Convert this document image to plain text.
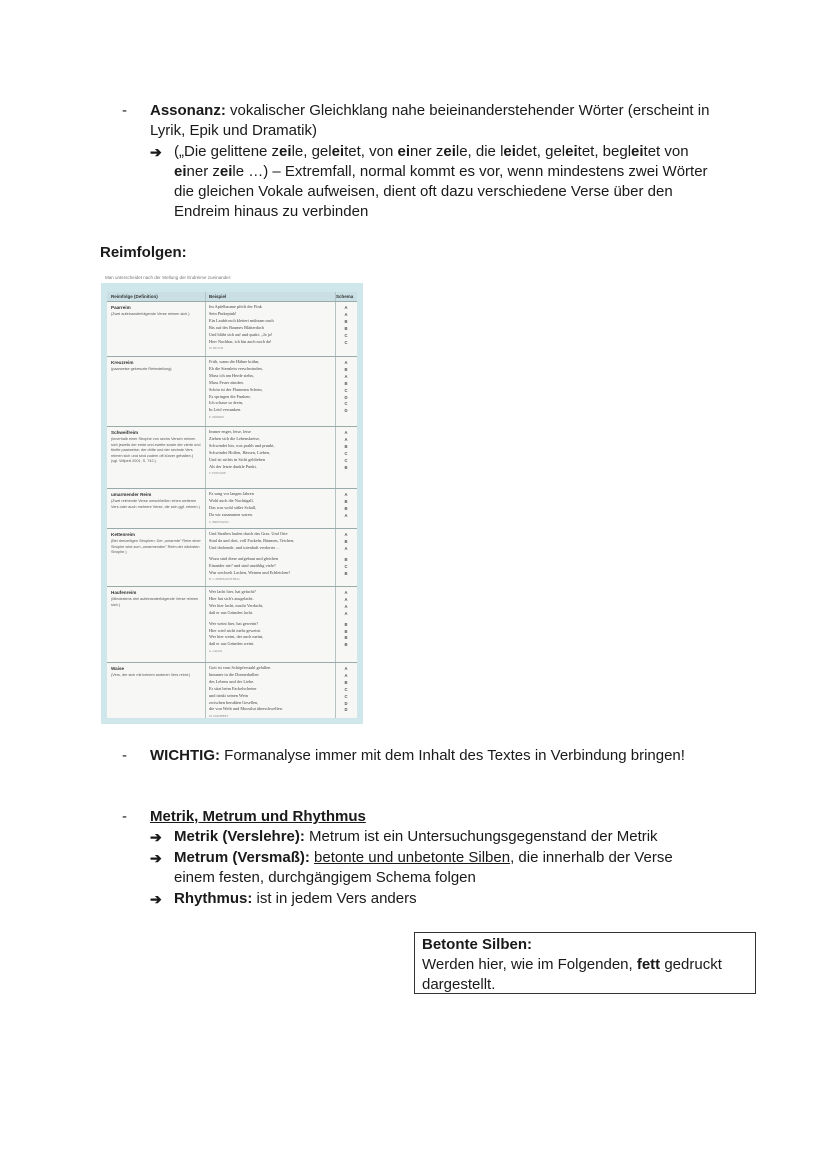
- Assonanz: vokalischer Gleichklang nahe beieinanderstehender Wörter (erscheint in
Lyrik, Epik und Dramatik)
➔ („Die gelittene zeile, geleitet, von einer zeile, die leidet, geleitet, begleitet von
einer zeile …) – Extremfall, normal kommt es vor, wenn mindestens zwei Wörter
die gleichen Vokale aufweisen, dient oft dazu verschiedene Verse über den
Endreim hinaus zu verbinden
Reimfolgen:
Man unterscheidet nach der Stellung der Endreime zueinander:
Reimfolge (Definition)	Beispiel	Schema
Paarreim
(Zwei aufeinanderfolgende Verse reimen sich.)
Im Apfelbaume pfeift der Fink
Sein Pinkepink!
Ein Laubfrosch klettert mühsam nach
Bis auf des Baumes Blätterdach
Und bläht sich auf und quakt: „Ja ja!
Herr Nachbar, ich bin auch noch da!
W. BUSCH
A
A
B
B
C
C
Kreuzreim
(paarweise gekreuzte Reimstellung)
Früh, wann die Hähne krähn,
Eh die Sternlein verschwinden,
Muss ich am Herde stehn,
Muss Feuer zünden.
Schön ist der Flammen Schein,
Es springen die Funken;
Ich schaue so drein,
In Leid versunken.
E. MÖRIKE
A
B
A
B
C
D
C
D
Schweifreim
(innerhalb einer Strophe von sechs Versen reimen sich jeweils der erste und zweite sowie der vierte und fünfte paarweise; der dritte und der sechste Vers reimen sich und sind zudem oft kürzer gehalten.) (vgl. Wilpert 2001, S. 742.)
Immer enger, leise, leise
Ziehen sich die Lebenskreise,
Schwindet hin, was prahlt und prunkt,
Schwindet Hoffen, Hassen, Lieben,
Und ist nichts in Sicht geblieben
Als der letzte dunkle Punkt.
T. FONTANE
A
A
B
C
C
B
umarmender Reim
(Zwei reimende Verse umschließen einen weiteren Vers oder auch mehrere Verse, die sich ggf. reimen.)
Es sang vor langen Jahren
Wohl auch die Nachtigall,
Das war wohl süßer Schall,
Da wir zusammen waren.
C. BRENTANO
A
B
B
A
Kettenreim
(Bei dreizeiligen Strophen: Der „umarmte" Reim einer Strophe wird zum „umarmenden" Reim der nächsten Strophe.)
Und Straßen laufen durch das Gras. Und Orte
Sind da und dort, voll Fackeln, Bäumen, Teichen,
Und drohende, und totenhaft verdorrte ...
Wozu sind diese aufgebaut und gleichen
Einander nie? und sind unzählig viele?
Was wechselt Lachen, Weinen und Erbleichen?
H. v. HOFMANNSTHAL
A
B
A
B
C
B
Haufenreim
(Mindestens drei aufeinanderfolgende Verse reimen sich.)
Wer lacht hier, hat gelacht?
Hier hat sich's ausgelacht.
Wer hier lacht, macht Verdacht,
daß er aus Gründen lacht.
Wer weint hier, hat geweint?
Hier wird nicht mehr geweint.
Wer hier weint, der auch meint,
daß er aus Gründen weint.
G. GRASS
A
A
A
A
B
B
B
B
Waise
(Vers, der sich mit keinem anderen Vers reimt.)
Gott ist vom Schöpferstuhl gefallen
hinunter in die Donnerhallen
des Lebens und der Liebe.
Er sitzt beim Fackelscheine
und trinkt seinen Wein
zwischen berußten Gesellen,
die von Weib und Moostlut überschwellen.
M. MOMBERT
A
A
B
C
C
D
D
- WICHTIG: Formanalyse immer mit dem Inhalt des Textes in Verbindung bringen!
- Metrik, Metrum und Rhythmus
➔ Metrik (Verslehre): Metrum ist ein Untersuchungsgegenstand der Metrik
➔ Metrum (Versmaß): betonte und unbetonte Silben, die innerhalb der Verse
einem festen, durchgängigem Schema folgen
➔ Rhythmus: ist in jedem Vers anders
Betonte Silben:
Werden hier, wie im Folgenden, fett gedruckt
dargestellt.
